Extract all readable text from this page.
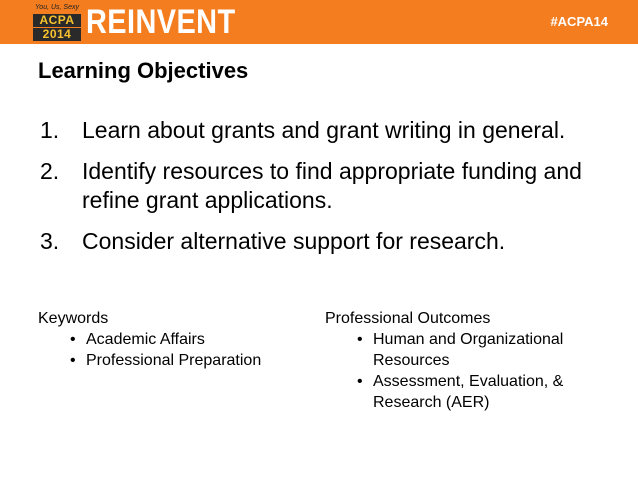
You, Us, Sexy
ACPA
2014 REINVENT	#ACPA14
Learning Objectives
1. Learn about grants and grant writing in general.
2. Identify resources to find appropriate funding and refine grant applications.
3. Consider alternative support for research.
Keywords
• Academic Affairs
• Professional Preparation
Professional Outcomes
• Human and Organizational Resources
• Assessment, Evaluation, & Research (AER)
